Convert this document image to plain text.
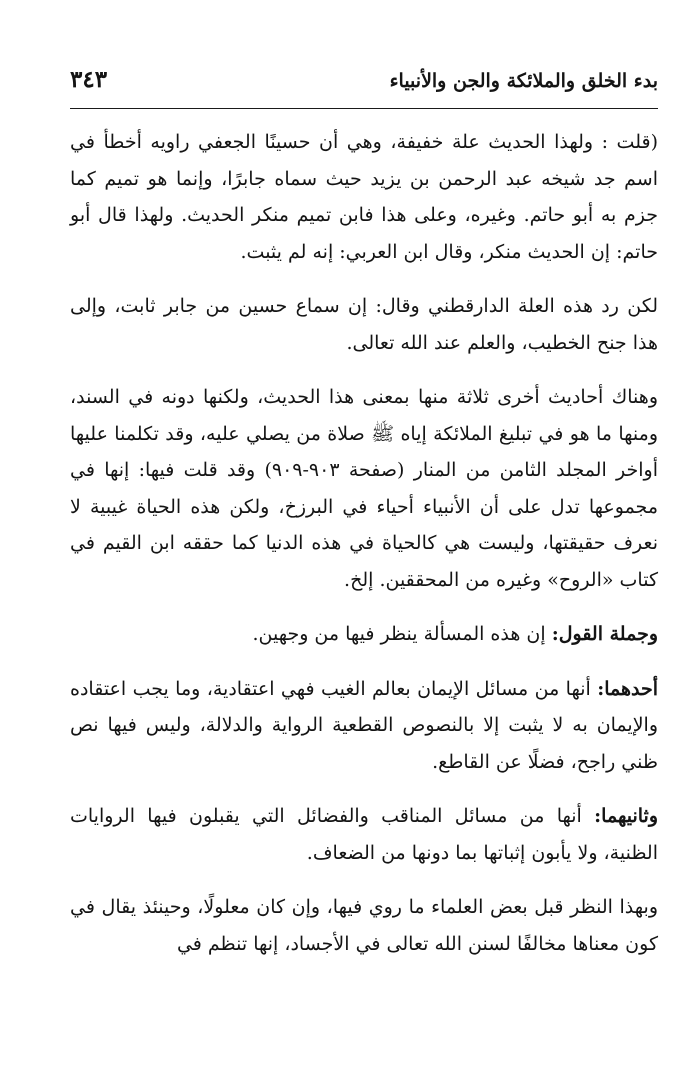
بدء الخلق والملائكة والجن والأنبياء
٣٤٣

(قلت : ولهذا الحديث علة خفيفة، وهي أن حسينًا الجعفي راويه أخطأ في اسم جد شيخه عبد الرحمن بن يزيد حيث سماه جابرًا، وإنما هو تميم كما جزم به أبو حاتم. وغيره، وعلى هذا فابن تميم منكر الحديث. ولهذا قال أبو حاتم: إن الحديث منكر، وقال ابن العربي: إنه لم يثبت.

لكن رد هذه العلة الدارقطني وقال: إن سماع حسين من جابر ثابت، وإلى هذا جنح الخطيب، والعلم عند الله تعالى.

وهناك أحاديث أخرى ثلاثة منها بمعنى هذا الحديث، ولكنها دونه في السند، ومنها ما هو في تبليغ الملائكة إياه ﷺ صلاة من يصلي عليه، وقد تكلمنا عليها أواخر المجلد الثامن من المنار (صفحة ٩٠٣-٩٠٩) وقد قلت فيها: إنها في مجموعها تدل على أن الأنبياء أحياء في البرزخ، ولكن هذه الحياة غيبية لا نعرف حقيقتها، وليست هي كالحياة في هذه الدنيا كما حققه ابن القيم في كتاب «الروح» وغيره من المحققين. إلخ.

وجملة القول: إن هذه المسألة ينظر فيها من وجهين.

أحدهما: أنها من مسائل الإيمان بعالم الغيب فهي اعتقادية، وما يجب اعتقاده والإيمان به لا يثبت إلا بالنصوص القطعية الرواية والدلالة، وليس فيها نص ظني راجح، فضلًا عن القاطع.

وثانيهما: أنها من مسائل المناقب والفضائل التي يقبلون فيها الروايات الظنية، ولا يأبون إثباتها بما دونها من الضعاف.

وبهذا النظر قبل بعض العلماء ما روي فيها، وإن كان معلولًا، وحينئذ يقال في كون معناها مخالفًا لسنن الله تعالى في الأجساد، إنها تنظم في
